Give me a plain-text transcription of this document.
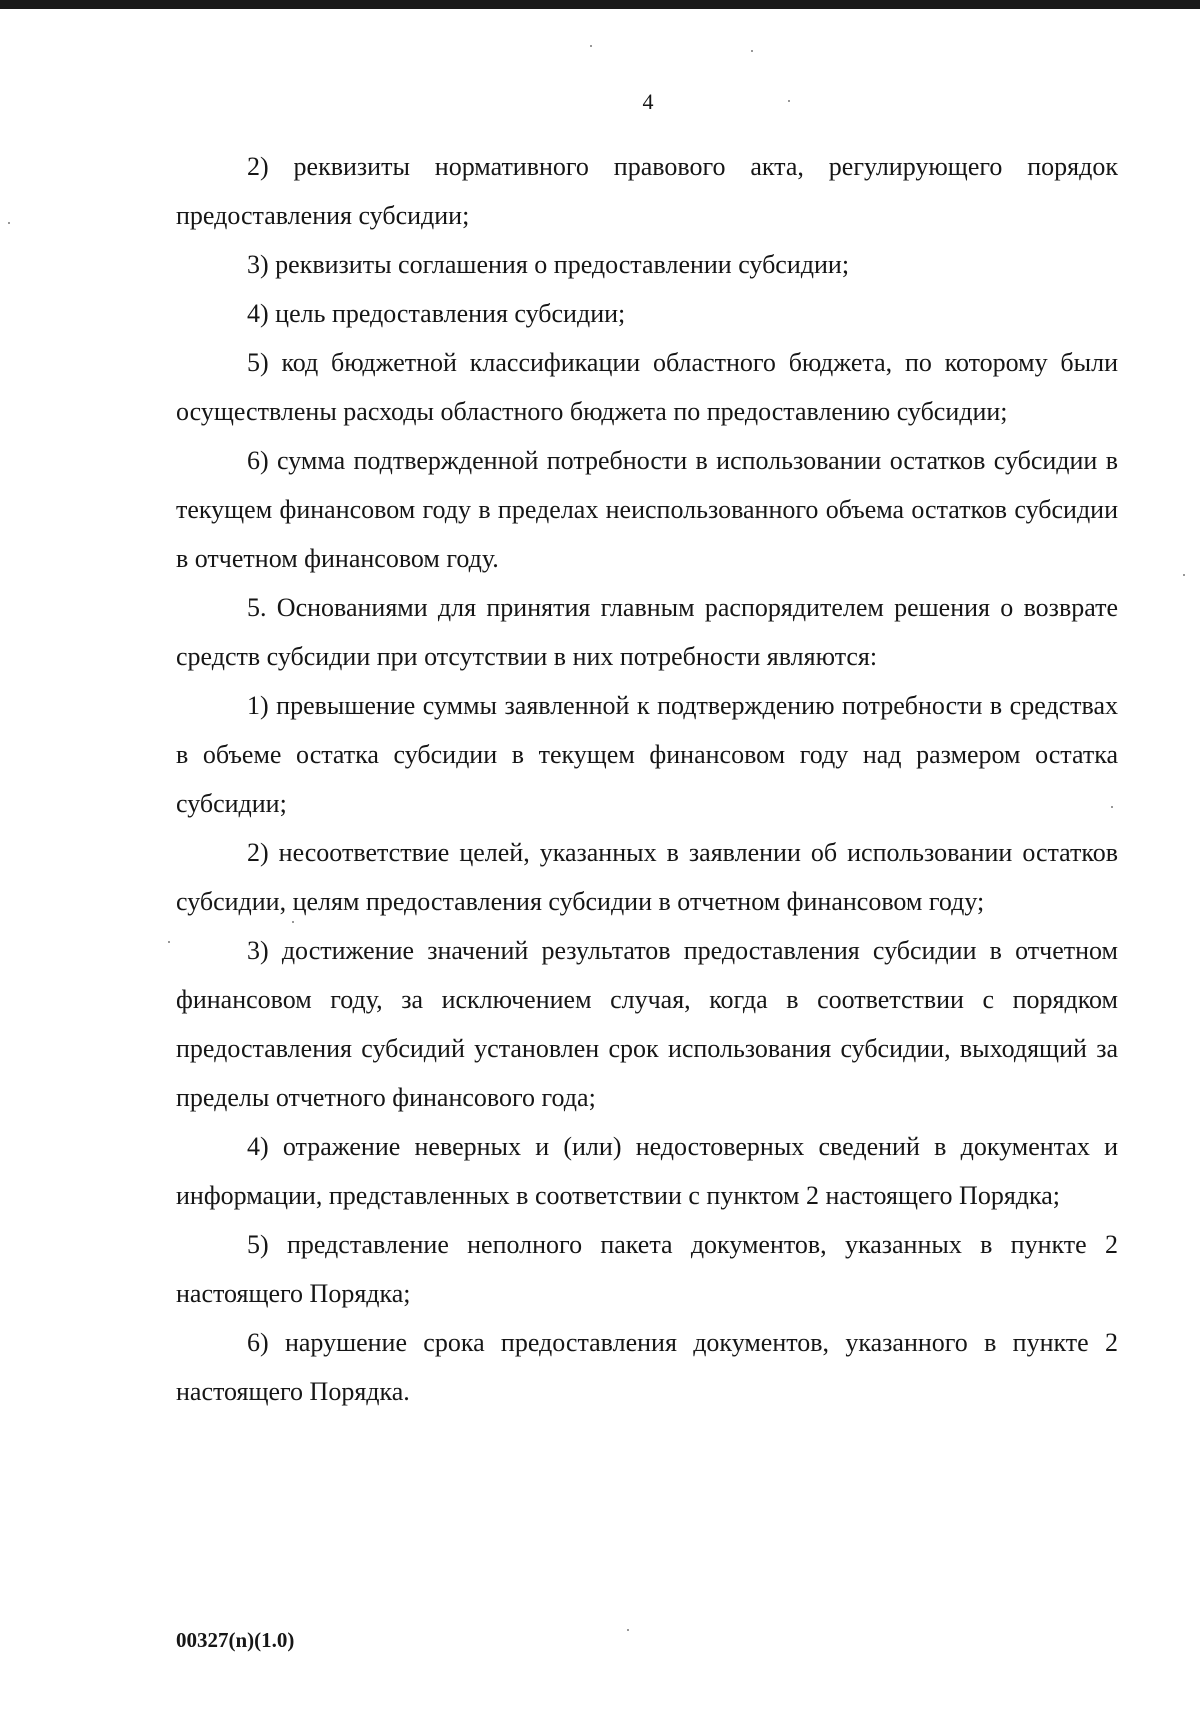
4

2) реквизиты нормативного правового акта, регулирующего порядок предоставления субсидии;

3) реквизиты соглашения о предоставлении субсидии;

4) цель предоставления субсидии;

5) код бюджетной классификации областного бюджета, по которому были осуществлены расходы областного бюджета по предоставлению субсидии;

6) сумма подтвержденной потребности в использовании остатков субсидии в текущем финансовом году в пределах неиспользованного объема остатков субсидии в отчетном финансовом году.

5. Основаниями для принятия главным распорядителем решения о возврате средств субсидии при отсутствии в них потребности являются:

1) превышение суммы заявленной к подтверждению потребности в средствах в объеме остатка субсидии в текущем финансовом году над размером остатка субсидии;

2) несоответствие целей, указанных в заявлении об использовании остатков субсидии, целям предоставления субсидии в отчетном финансовом году;

3) достижение значений результатов предоставления субсидии в отчетном финансовом году, за исключением случая, когда в соответствии с порядком предоставления субсидий установлен срок использования субсидии, выходящий за пределы отчетного финансового года;

4) отражение неверных и (или) недостоверных сведений в документах и информации, представленных в соответствии с пунктом 2 настоящего Порядка;

5) представление неполного пакета документов, указанных в пункте 2 настоящего Порядка;

6) нарушение срока предоставления документов, указанного в пункте 2 настоящего Порядка.

00327(n)(1.0)
